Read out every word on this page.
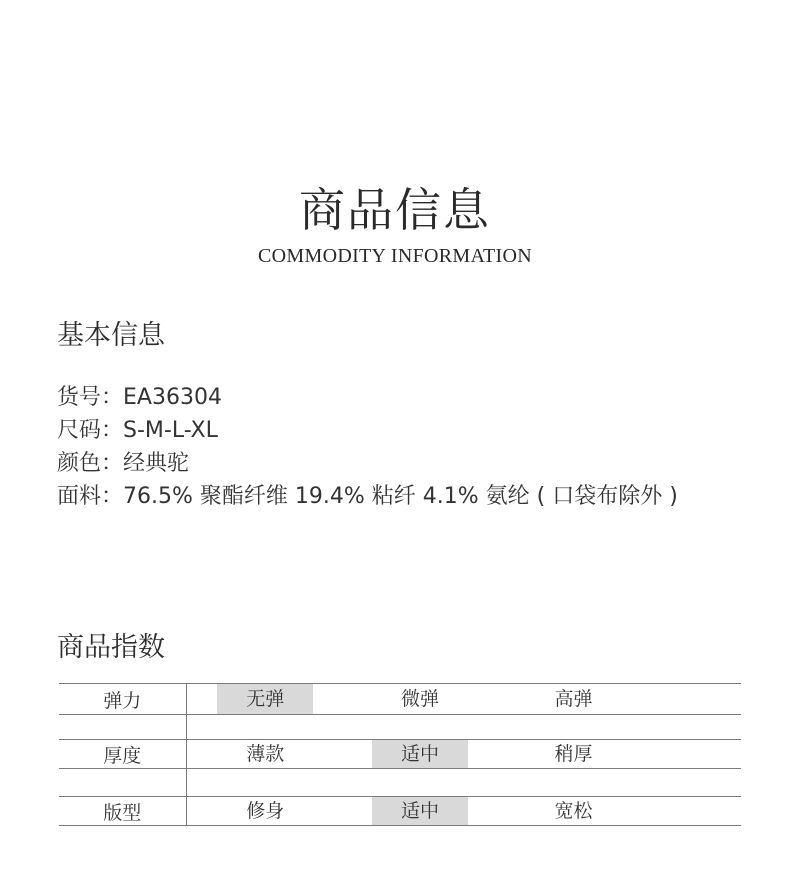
商品信息
COMMODITY INFORMATION
基本信息
货号：EA36304
尺码：S-M-L-XL
颜色：经典驼
面料：76.5% 聚酯纤维 19.4% 粘纤 4.1% 氨纶 ( 口袋布除外 )
商品指数
弹力	无弹	微弹	高弹	

厚度	薄款	适中	稍厚	

版型	修身	适中	宽松	
